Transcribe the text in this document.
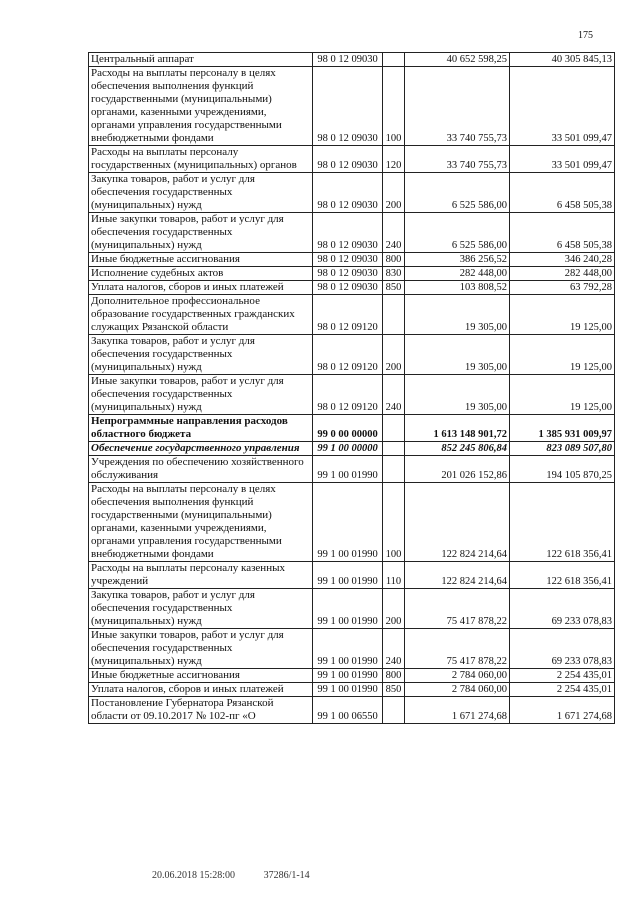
175
Центральный аппарат	98 0 12 09030		40 652 598,25	40 305 845,13
Расходы на выплаты персоналу в целях обеспечения выполнения функций государственными (муниципальными) органами, казенными учреждениями, органами управления государственными внебюджетными фондами	98 0 12 09030	100	33 740 755,73	33 501 099,47
Расходы на выплаты персоналу государственных (муниципальных) органов	98 0 12 09030	120	33 740 755,73	33 501 099,47
Закупка товаров, работ и услуг для обеспечения государственных (муниципальных) нужд	98 0 12 09030	200	6 525 586,00	6 458 505,38
Иные закупки товаров, работ и услуг для обеспечения государственных (муниципальных) нужд	98 0 12 09030	240	6 525 586,00	6 458 505,38
Иные бюджетные ассигнования	98 0 12 09030	800	386 256,52	346 240,28
Исполнение судебных актов	98 0 12 09030	830	282 448,00	282 448,00
Уплата налогов, сборов и иных платежей	98 0 12 09030	850	103 808,52	63 792,28
Дополнительное профессиональное образование государственных гражданских служащих Рязанской области	98 0 12 09120		19 305,00	19 125,00
Закупка товаров, работ и услуг для обеспечения государственных (муниципальных) нужд	98 0 12 09120	200	19 305,00	19 125,00
Иные закупки товаров, работ и услуг для обеспечения государственных (муниципальных) нужд	98 0 12 09120	240	19 305,00	19 125,00
Непрограммные направления расходов областного бюджета	99 0 00 00000		1 613 148 901,72	1 385 931 009,97
Обеспечение государственного управления	99 1 00 00000		852 245 806,84	823 089 507,80
Учреждения по обеспечению хозяйственного обслуживания	99 1 00 01990		201 026 152,86	194 105 870,25
Расходы на выплаты персоналу в целях обеспечения выполнения функций государственными (муниципальными) органами, казенными учреждениями, органами управления государственными внебюджетными фондами	99 1 00 01990	100	122 824 214,64	122 618 356,41
Расходы на выплаты персоналу казенных учреждений	99 1 00 01990	110	122 824 214,64	122 618 356,41
Закупка товаров, работ и услуг для обеспечения государственных (муниципальных) нужд	99 1 00 01990	200	75 417 878,22	69 233 078,83
Иные закупки товаров, работ и услуг для обеспечения государственных (муниципальных) нужд	99 1 00 01990	240	75 417 878,22	69 233 078,83
Иные бюджетные ассигнования	99 1 00 01990	800	2 784 060,00	2 254 435,01
Уплата налогов, сборов и иных платежей	99 1 00 01990	850	2 784 060,00	2 254 435,01
Постановление Губернатора Рязанской области от 09.10.2017 № 102-пг «О	99 1 00 06550		1 671 274,68	1 671 274,68
20.06.2018 15:28:00	37286/1-14
